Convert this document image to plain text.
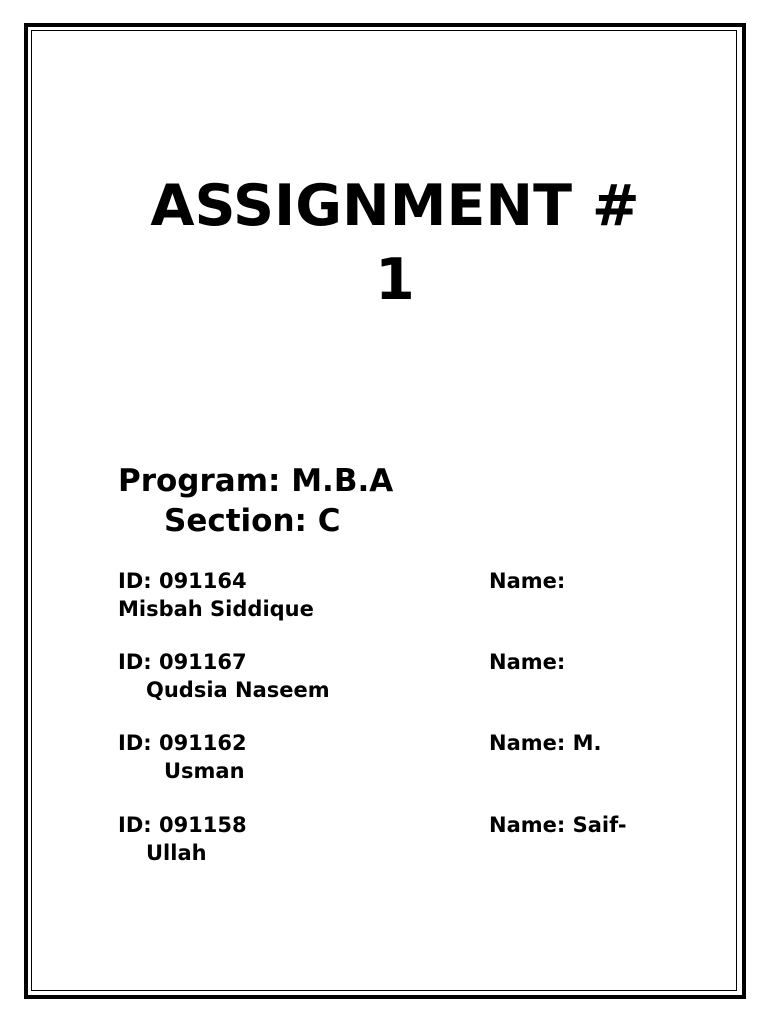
ASSIGNMENT #
1
Program: M.B.A
Section: C
ID: 091164	Name:
Misbah Siddique
ID: 091167	Name:
Qudsia Naseem
ID: 091162	Name: M.
Usman
ID: 091158	Name: Saif-
Ullah
